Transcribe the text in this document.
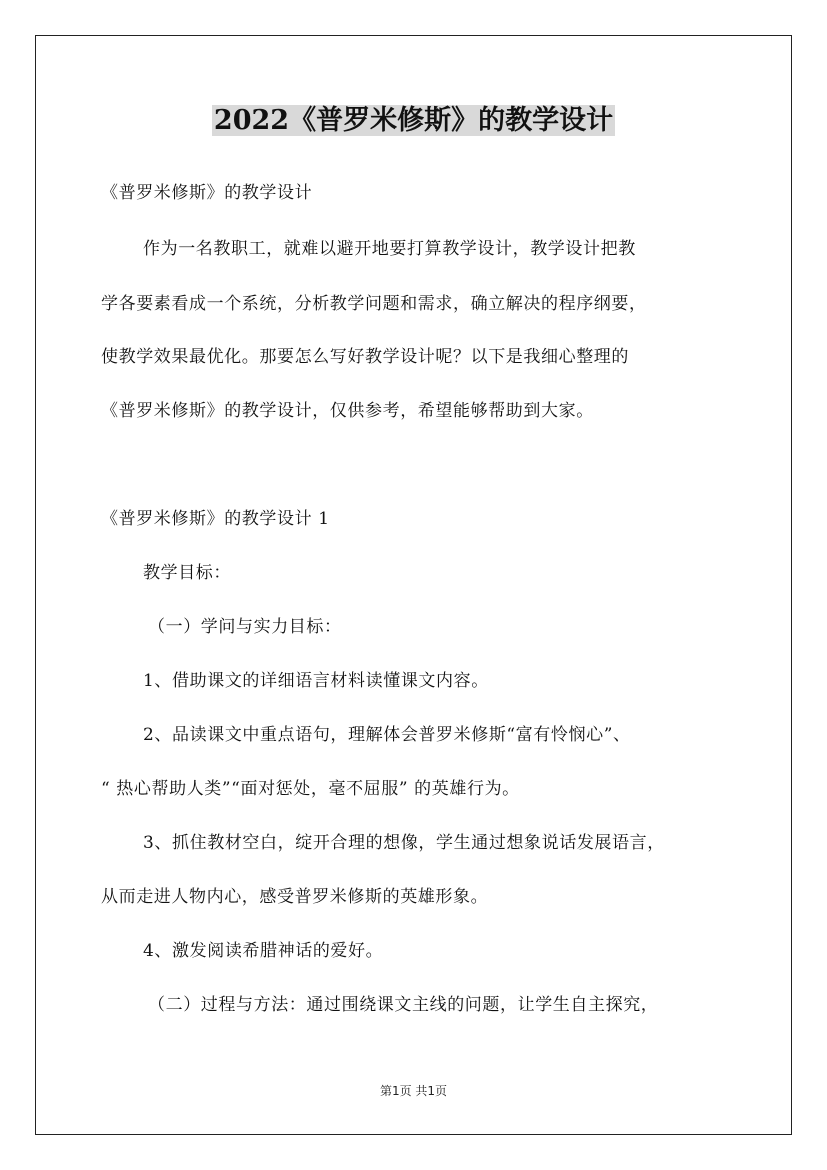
2022《普罗米修斯》的教学设计

《普罗米修斯》的教学设计

作为一名教职工，就难以避开地要打算教学设计，教学设计把教

学各要素看成一个系统，分析教学问题和需求，确立解决的程序纲要，

使教学效果最优化。那要怎么写好教学设计呢？以下是我细心整理的

《普罗米修斯》的教学设计，仅供参考，希望能够帮助到大家。

《普罗米修斯》的教学设计 1

教学目标：

（一）学问与实力目标：

1、借助课文的详细语言材料读懂课文内容。

2、品读课文中重点语句，理解体会普罗米修斯“富有怜悯心”、

“ 热心帮助人类”“面对惩处，毫不屈服” 的英雄行为。

3、抓住教材空白，绽开合理的想像，学生通过想象说话发展语言，

从而走进人物内心，感受普罗米修斯的英雄形象。

4、激发阅读希腊神话的爱好。

（二）过程与方法：通过围绕课文主线的问题，让学生自主探究，

第1页 共1页
